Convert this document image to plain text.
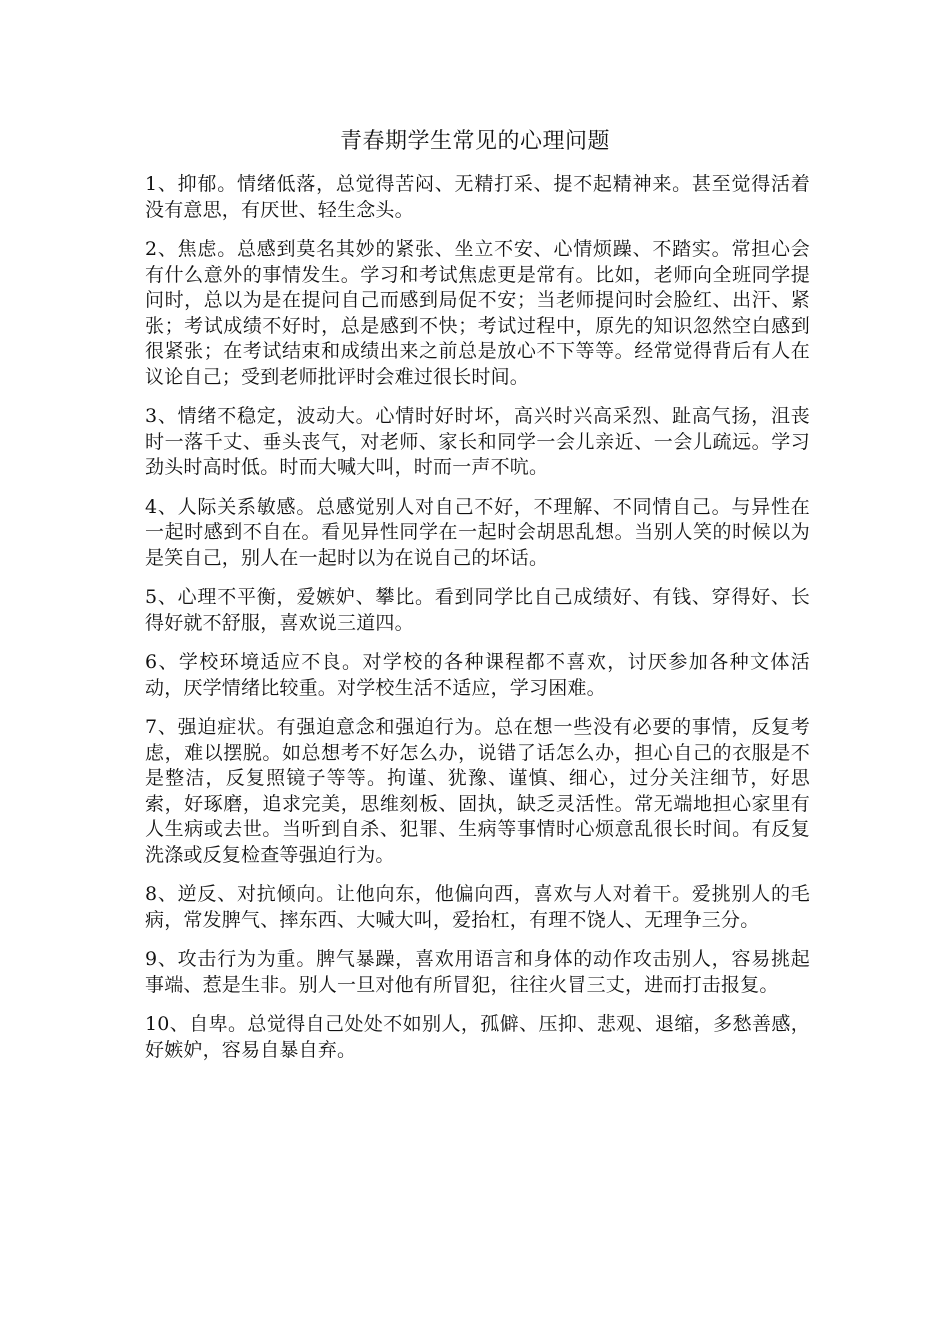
青春期学生常见的心理问题

1、抑郁。情绪低落，总觉得苦闷、无精打采、提不起精神来。甚至觉得活着没有意思，有厌世、轻生念头。

2、焦虑。总感到莫名其妙的紧张、坐立不安、心情烦躁、不踏实。常担心会有什么意外的事情发生。学习和考试焦虑更是常有。比如，老师向全班同学提问时，总以为是在提问自己而感到局促不安；当老师提问时会脸红、出汗、紧张；考试成绩不好时，总是感到不快；考试过程中，原先的知识忽然空白感到很紧张；在考试结束和成绩出来之前总是放心不下等等。经常觉得背后有人在议论自己；受到老师批评时会难过很长时间。

3、情绪不稳定，波动大。心情时好时坏，高兴时兴高采烈、趾高气扬，沮丧时一落千丈、垂头丧气，对老师、家长和同学一会儿亲近、一会儿疏远。学习劲头时高时低。时而大喊大叫，时而一声不吭。

4、人际关系敏感。总感觉别人对自己不好，不理解、不同情自己。与异性在一起时感到不自在。看见异性同学在一起时会胡思乱想。当别人笑的时候以为是笑自己，别人在一起时以为在说自己的坏话。

5、心理不平衡，爱嫉妒、攀比。看到同学比自己成绩好、有钱、穿得好、长得好就不舒服，喜欢说三道四。

6、学校环境适应不良。对学校的各种课程都不喜欢，讨厌参加各种文体活动，厌学情绪比较重。对学校生活不适应，学习困难。

7、强迫症状。有强迫意念和强迫行为。总在想一些没有必要的事情，反复考虑，难以摆脱。如总想考不好怎么办，说错了话怎么办，担心自己的衣服是不是整洁，反复照镜子等等。拘谨、犹豫、谨慎、细心，过分关注细节，好思索，好琢磨，追求完美，思维刻板、固执，缺乏灵活性。常无端地担心家里有人生病或去世。当听到自杀、犯罪、生病等事情时心烦意乱很长时间。有反复洗涤或反复检查等强迫行为。

8、逆反、对抗倾向。让他向东，他偏向西，喜欢与人对着干。爱挑别人的毛病，常发脾气、摔东西、大喊大叫，爱抬杠，有理不饶人、无理争三分。

9、攻击行为为重。脾气暴躁，喜欢用语言和身体的动作攻击别人，容易挑起事端、惹是生非。别人一旦对他有所冒犯，往往火冒三丈，进而打击报复。

10、自卑。总觉得自己处处不如别人，孤僻、压抑、悲观、退缩，多愁善感，好嫉妒，容易自暴自弃。
